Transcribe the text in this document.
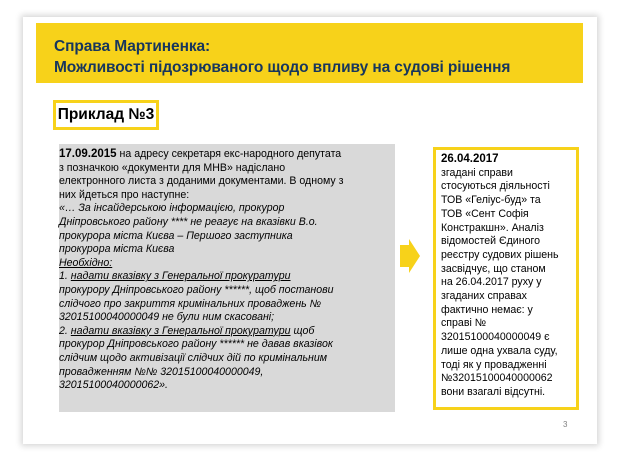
Справа Мартиненка:
Можливості підозрюваного щодо впливу на судові рішення
Приклад №3
17.09.2015 на адресу секретаря екс-народного депутата
з позначкою «документи для МНВ» надіслано
електронного листа з доданими документами. В одному з
них йдеться про наступне:
«… За інсайдерською інформацією, прокурор
Дніпровського району **** не реагує на вказівки В.о.
прокурора міста Києва – Першого заступника
прокурора міста Києва
Необхідно:
1. надати вказівку з Генеральної прокуратури
прокурору Дніпровського району ******, щоб постанови
слідчого про закриття кримінальних проваджень №
32015100040000049 не були ним скасовані;
2. надати вказівку з Генеральної прокуратури щоб
прокурор Дніпровського району ****** не давав вказівок
слідчим щодо активізації слідчих дій по кримінальним
провадженням №№ 32015100040000049,
32015100040000062».
26.04.2017
згадані справи
стосуються діяльності
ТОВ «Геліус-буд» та
ТОВ «Сент Софія
Констракшн». Аналіз
відомостей Єдиного
реєстру судових рішень
засвідчує, що станом
на 26.04.2017 руху у
згаданих справах
фактично немає: у
справі №
32015100040000049 є
лише одна ухвала суду,
тоді як у провадженні
№32015100040000062
вони взагалі відсутні.
3
